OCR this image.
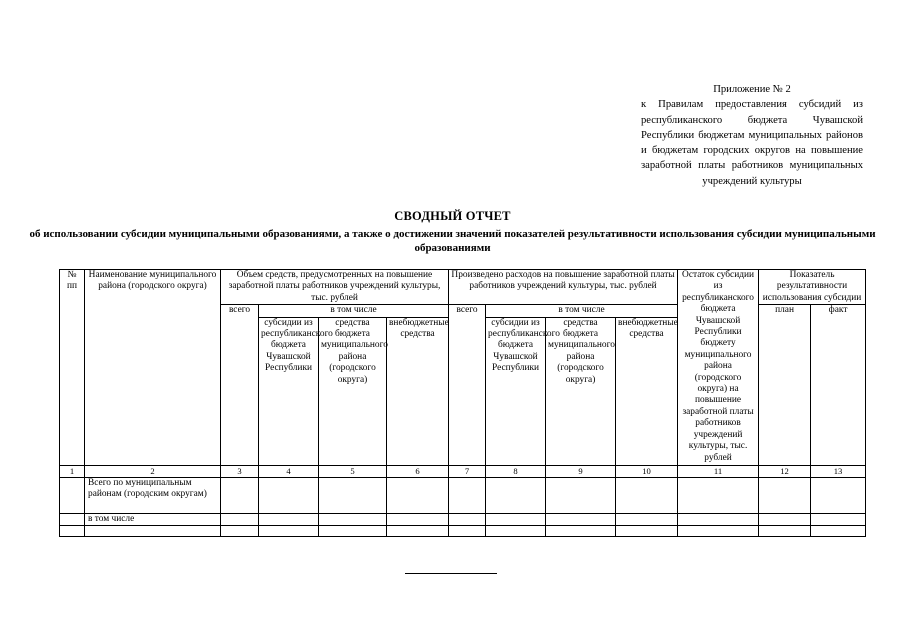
Приложение № 2
к Правилам предоставления субсидий из республиканского бюджета Чувашской Республики бюджетам муниципальных районов и бюджетам городских округов на повышение заработной платы работников муниципальных учреждений культуры
СВОДНЫЙ ОТЧЕТ
об использовании субсидии муниципальными образованиями, а также о достижении значений показателей результативности использования субсидии муниципальными образованиями
№ пп	Наименование муниципального района (городского округа)	Объем средств, предусмотренных на повышение заработной платы работников учреждений культуры, тыс. рублей				Произведено расходов на повышение заработной платы работников учреждений культуры, тыс. рублей				Остаток субсидии из республиканского бюджета Чувашской Республики бюджету муниципального района (городского округа) на повышение заработной платы работников учреждений культуры, тыс. рублей	Показатель результативности использования субсидии	
		всего	в том числе			всего	в том числе				план	факт
			субсидии из республиканского бюджета Чувашской Республики	средства бюджета муниципального района (городского округа)	внебюджетные средства		субсидии из республиканского бюджета Чувашской Республики	средства бюджета муниципального района (городского округа)	внебюджетные средства			
1	2	3	4	5	6	7	8	9	10	11	12	13
	Всего по муниципальным районам (городским округам)											
	в том числе											
